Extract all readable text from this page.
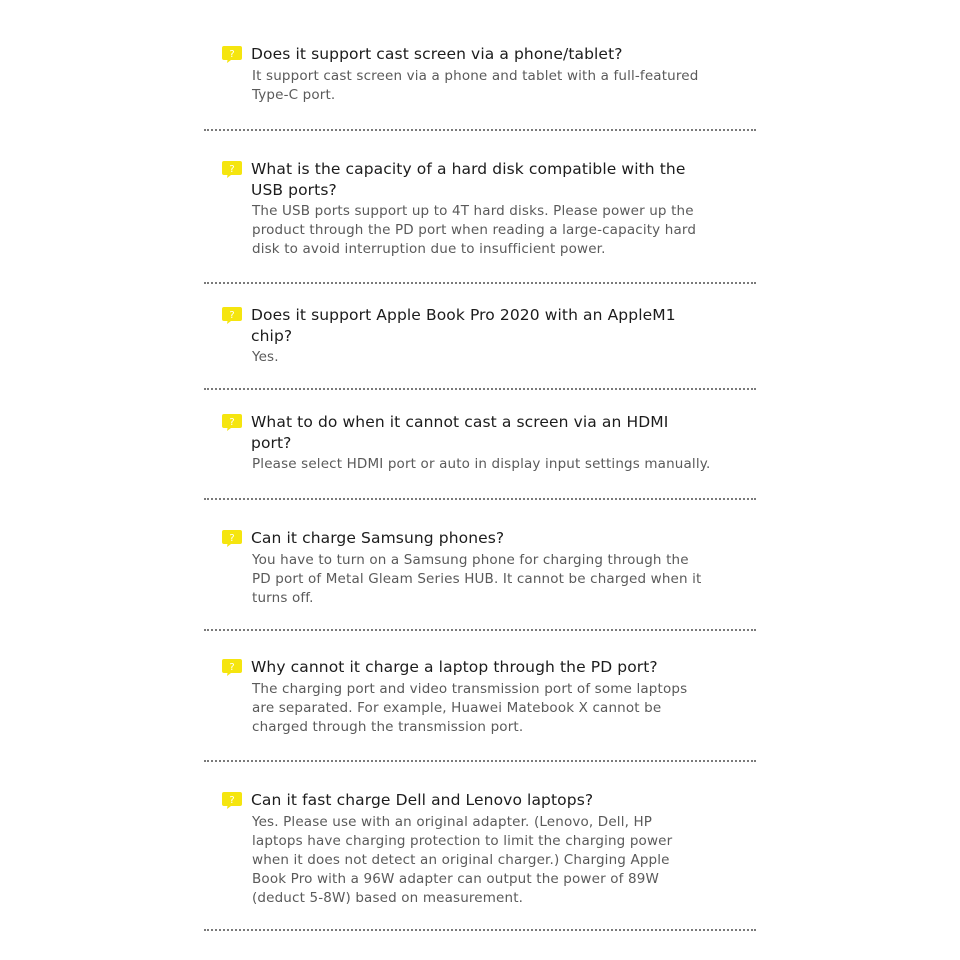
? Does it support cast screen via a phone/tablet?

It support cast screen via a phone and tablet with a full-featured Type-C port.

? What is the capacity of a hard disk compatible with the USB ports?

The USB ports support up to 4T hard disks. Please power up the product through the PD port when reading a large-capacity hard disk to avoid interruption due to insufficient power.

? Does it support Apple Book Pro 2020 with an AppleM1 chip?

Yes.

? What to do when it cannot cast a screen via an HDMI port?

Please select HDMI port or auto in display input settings manually.

? Can it charge Samsung phones?

You have to turn on a Samsung phone for charging through the PD port of Metal Gleam Series HUB. It cannot be charged when it turns off.

? Why cannot it charge a laptop through the PD port?

The charging port and video transmission port of some laptops are separated. For example, Huawei Matebook X cannot be charged through the transmission port.

? Can it fast charge Dell and Lenovo laptops?

Yes. Please use with an original adapter. (Lenovo, Dell, HP laptops have charging protection to limit the charging power when it does not detect an original charger.) Charging Apple Book Pro with a 96W adapter can output the power of 89W (deduct 5-8W) based on measurement.
